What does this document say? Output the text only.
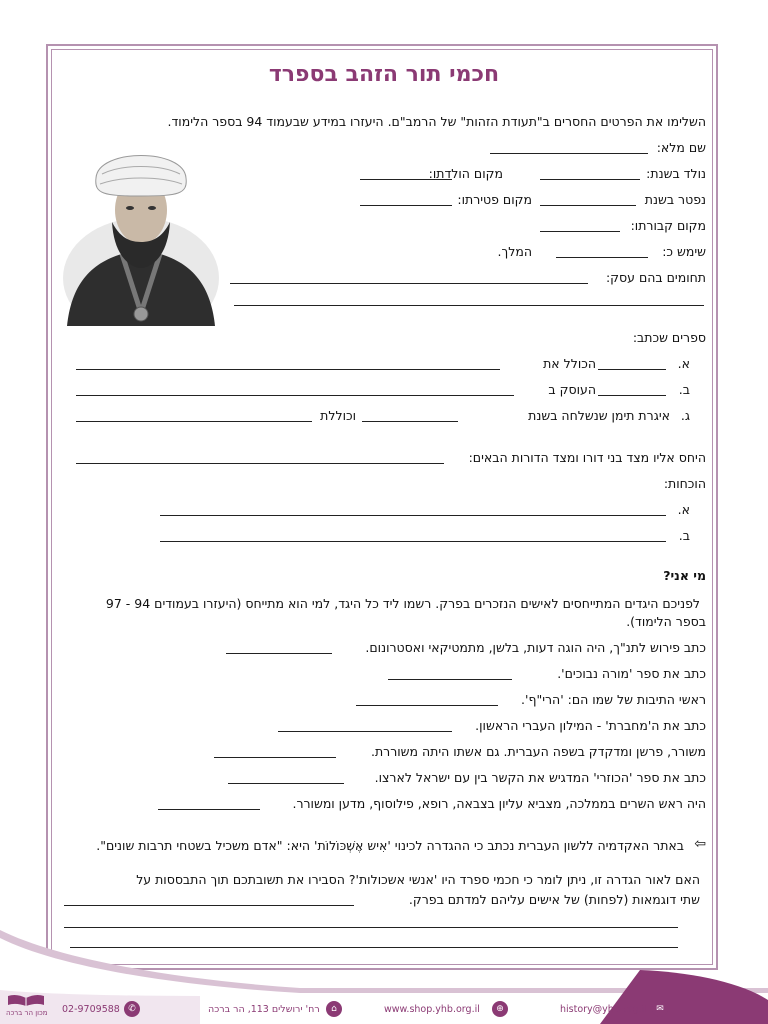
חכמי תור הזהב בספרד
השלימו את הפרטים החסרים ב"תעודת הזהות" של הרמב"ם. היעזרו במידע שבעמוד 94 בספר הלימוד.
שם מלא:
נולד בשנת:
מקום הולדתו:
נפטר בשנת
מקום פטירתו:
מקום קבורתו:
שימש כ:
המלך.
תחומים בהם עסק:
ספרים שכתב:
א.
הכולל את
ב.
העוסק ב
ג.
איגרת תימן שנשלחה בשנת
וכוללת
היחס אליו מצד בני דורו ומצד הדורות הבאים:
הוכחות:
א.
ב.
מי אני?
לפניכם היגדים המתייחסים לאישים הנזכרים בפרק. רשמו ליד כל היגד, למי הוא מתייחס (היעזרו בעמודים 94 - 97
בספר הלימוד).
כתב פירוש לתנ"ך, היה הוגה דעות, בלשן, מתמטיקאי ואסטרונום.
כתב את ספר 'מורה נבוכים'.
ראשי התיבות של שמו הם: 'הרי"ף'.
כתב את ה'מחברת' - המילון העברי הראשון.
משורר, פרשן ומדקדק בשפה העברית. גם אשתו היתה משוררת.
כתב את ספר 'הכוזרי' המדגיש את הקשר בין עם ישראל לארצו.
היה ראש השרים בממלכה, מצביא עליון בצבאה, רופא, פילוסוף, מדען ומשורר.
⇦
באתר האקדמיה ללשון העברית נכתב כי ההגדרה לכינוי 'אִיש אֶשְׁכּוֹלוֹת' היא: "אדם משכיל בשטחי תרבות שונים".
האם לאור הגדרה זו, ניתן לומר כי חכמי ספרד היו 'אנשי אשכולות'? הסבירו את תשובתכם תוך התבססות על
שתי דוגמאות (לפחות) של אישים עליהם למדתם בפרק.
מכון הר ברכה 02-9709588 ✆	רח' ירושלים 113, הר ברכה	⌂	www.shop.yhb.org.il	⊕	history@yhb.org.il	✉
